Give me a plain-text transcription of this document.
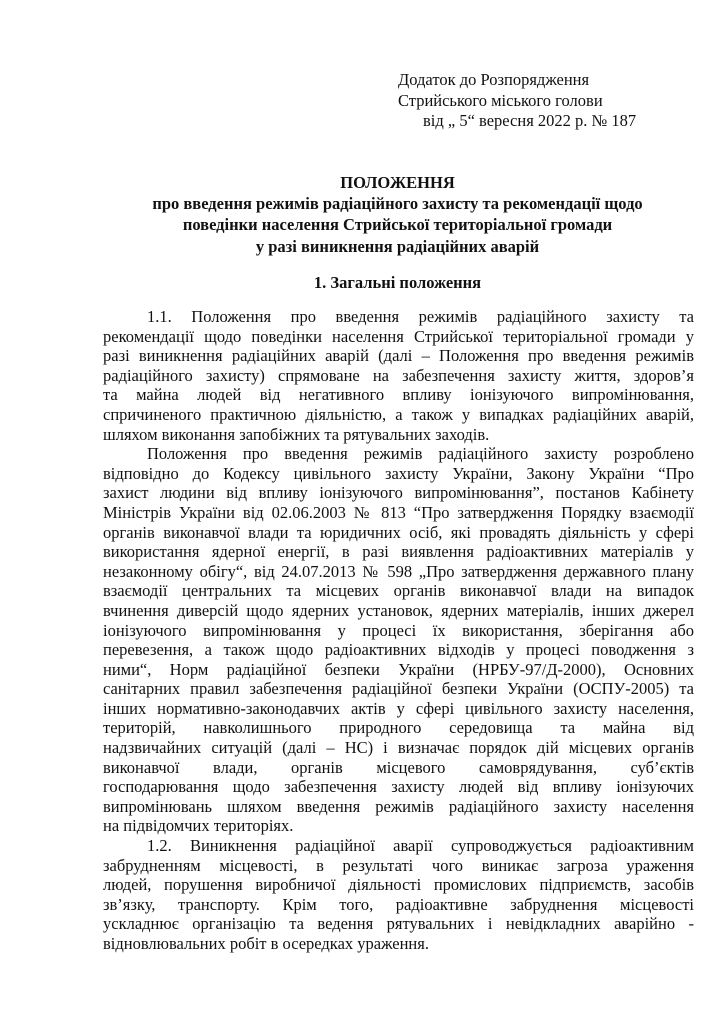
Додаток до Розпорядження
Стрийського міського голови
від „ 5“ вересня 2022 р. № 187
ПОЛОЖЕННЯ
про введення режимів радіаційного захисту та рекомендації щодо
поведінки населення Стрийської територіальної громади
у разі виникнення радіаційних аварій
1. Загальні положення
1.1. Положення про введення режимів радіаційного захисту та
рекомендації щодо поведінки населення Стрийської територіальної громади у
разі виникнення радіаційних аварій (далі – Положення про введення режимів
радіаційного захисту) спрямоване на забезпечення захисту життя, здоров’я
та майна людей від негативного впливу іонізуючого випромінювання,
спричиненого практичною діяльністю, а також у випадках радіаційних аварій,
шляхом виконання запобіжних та рятувальних заходів.
Положення про введення режимів радіаційного захисту розроблено
відповідно до Кодексу цивільного захисту України, Закону України “Про
захист людини від впливу іонізуючого випромінювання”, постанов Кабінету
Міністрів України від 02.06.2003 № 813 “Про затвердження Порядку взаємодії
органів виконавчої влади та юридичних осіб, які провадять діяльність у сфері
використання ядерної енергії, в разі виявлення радіоактивних матеріалів у
незаконному обігу“, від 24.07.2013 № 598 „Про затвердження державного плану
взаємодії центральних та місцевих органів виконавчої влади на випадок
вчинення диверсій щодо ядерних установок, ядерних матеріалів, інших джерел
іонізуючого випромінювання у процесі їх використання, зберігання або
перевезення, а також щодо радіоактивних відходів у процесі поводження з
ними“, Норм радіаційної безпеки України (НРБУ-97/Д-2000), Основних
санітарних правил забезпечення радіаційної безпеки України (ОСПУ-2005) та
інших нормативно-законодавчих актів у сфері цивільного захисту населення,
територій, навколишнього природного середовища та майна від
надзвичайних ситуацій (далі – НС) і визначає порядок дій місцевих органів
виконавчої влади, органів місцевого самоврядування, суб’єктів
господарювання щодо забезпечення захисту людей від впливу іонізуючих
випромінювань шляхом введення режимів радіаційного захисту населення
на підвідомчих територіях.
1.2. Виникнення радіаційної аварії супроводжується радіоактивним
забрудненням місцевості, в результаті чого виникає загроза ураження
людей, порушення виробничої діяльності промислових підприємств, засобів
зв’язку, транспорту. Крім того, радіоактивне забруднення місцевості
ускладнює організацію та ведення рятувальних і невідкладних аварійно -
відновлювальних робіт в осередках ураження.
